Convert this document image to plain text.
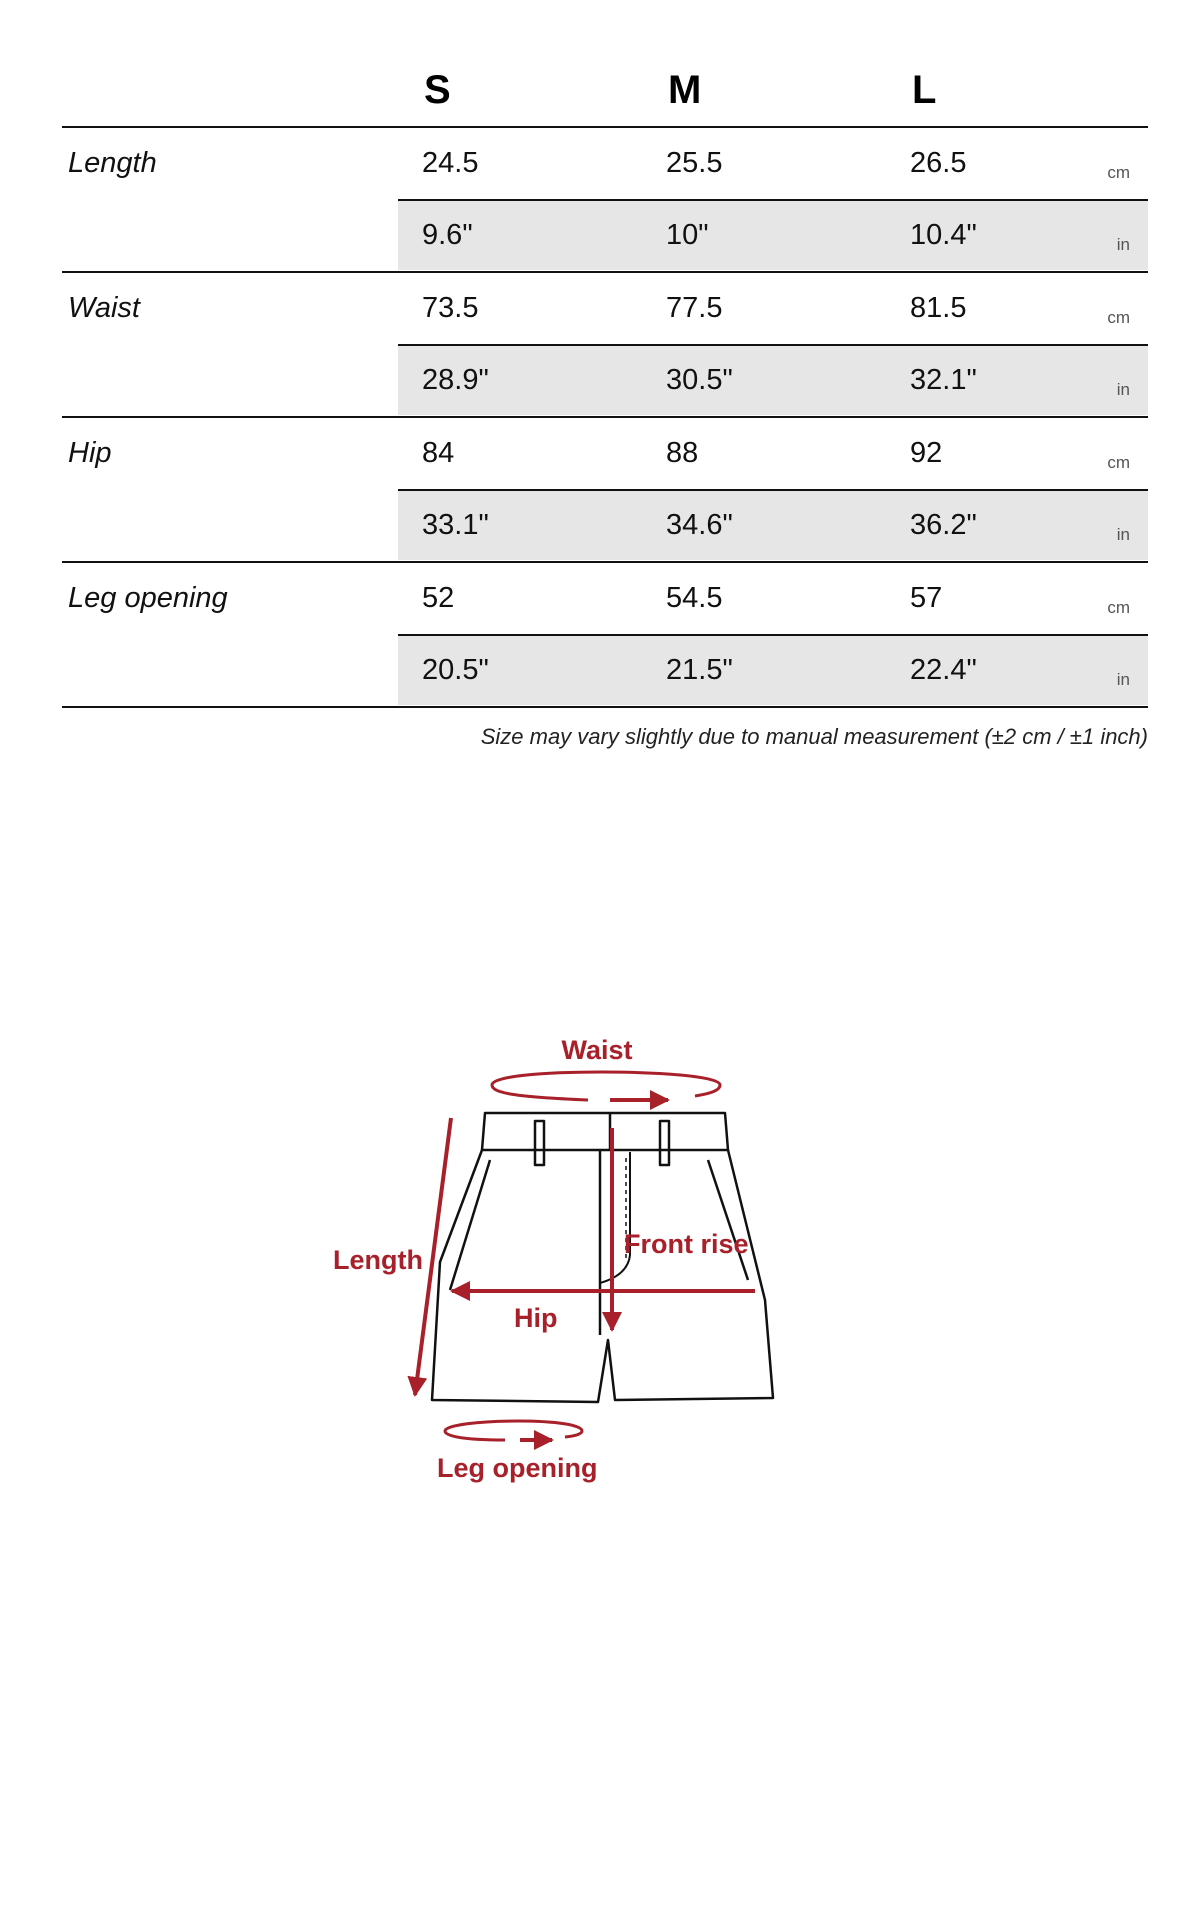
S	M	L
Length	24.5	25.5	26.5	cm
9.6"	10"	10.4"	in
Waist	73.5	77.5	81.5	cm
28.9"	30.5"	32.1"	in
Hip	84	88	92	cm
33.1"	34.6"	36.2"	in
Leg opening	52	54.5	57	cm
20.5"	21.5"	22.4"	in
Size may vary slightly due to manual measurement (±2 cm / ±1 inch)
Waist
Length
Front rise
Hip
Leg opening
